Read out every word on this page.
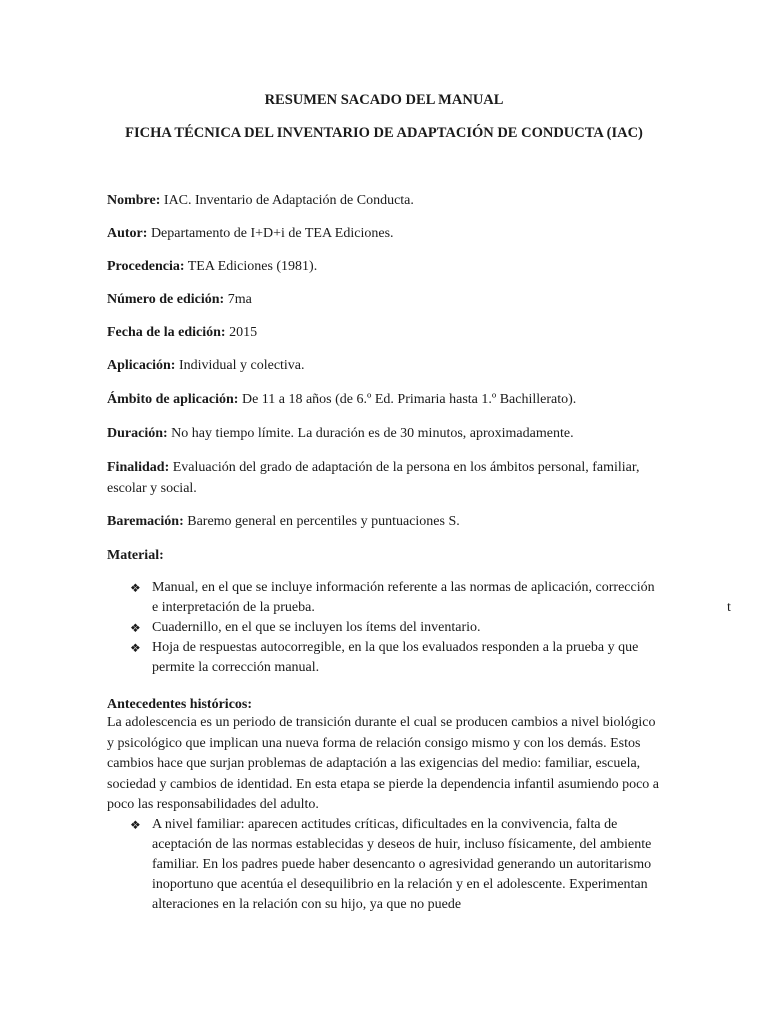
RESUMEN SACADO DEL MANUAL
FICHA TÉCNICA DEL INVENTARIO DE ADAPTACIÓN DE CONDUCTA (IAC)

Nombre: IAC. Inventario de Adaptación de Conducta.

Autor: Departamento de I+D+i de TEA Ediciones.

Procedencia: TEA Ediciones (1981).

Número de edición: 7ma

Fecha de la edición: 2015

Aplicación: Individual y colectiva.

Ámbito de aplicación: De 11 a 18 años (de 6.º Ed. Primaria hasta 1.º Bachillerato).

Duración: No hay tiempo límite. La duración es de 30 minutos, aproximadamente.

Finalidad: Evaluación del grado de adaptación de la persona en los ámbitos personal, familiar, escolar y social.

Baremación: Baremo general en percentiles y puntuaciones S.

Material:

❖ Manual, en el que se incluye información referente a las normas de aplicación, corrección e interpretación de la prueba.
❖ Cuadernillo, en el que se incluyen los ítems del inventario.
❖ Hoja de respuestas autocorregible, en la que los evaluados responden a la prueba y que permite la corrección manual.
t

Antecedentes históricos:

La adolescencia es un periodo de transición durante el cual se producen cambios a nivel biológico y psicológico que implican una nueva forma de relación consigo mismo y con los demás. Estos cambios hace que surjan problemas de adaptación a las exigencias del medio: familiar, escuela, sociedad y cambios de identidad. En esta etapa se pierde la dependencia infantil asumiendo poco a poco las responsabilidades del adulto.

❖ A nivel familiar: aparecen actitudes críticas, dificultades en la convivencia, falta de aceptación de las normas establecidas y deseos de huir, incluso físicamente, del ambiente familiar. En los padres puede haber desencanto o agresividad generando un autoritarismo inoportuno que acentúa el desequilibrio en la relación y en el adolescente. Experimentan alteraciones en la relación con su hijo, ya que no puede
